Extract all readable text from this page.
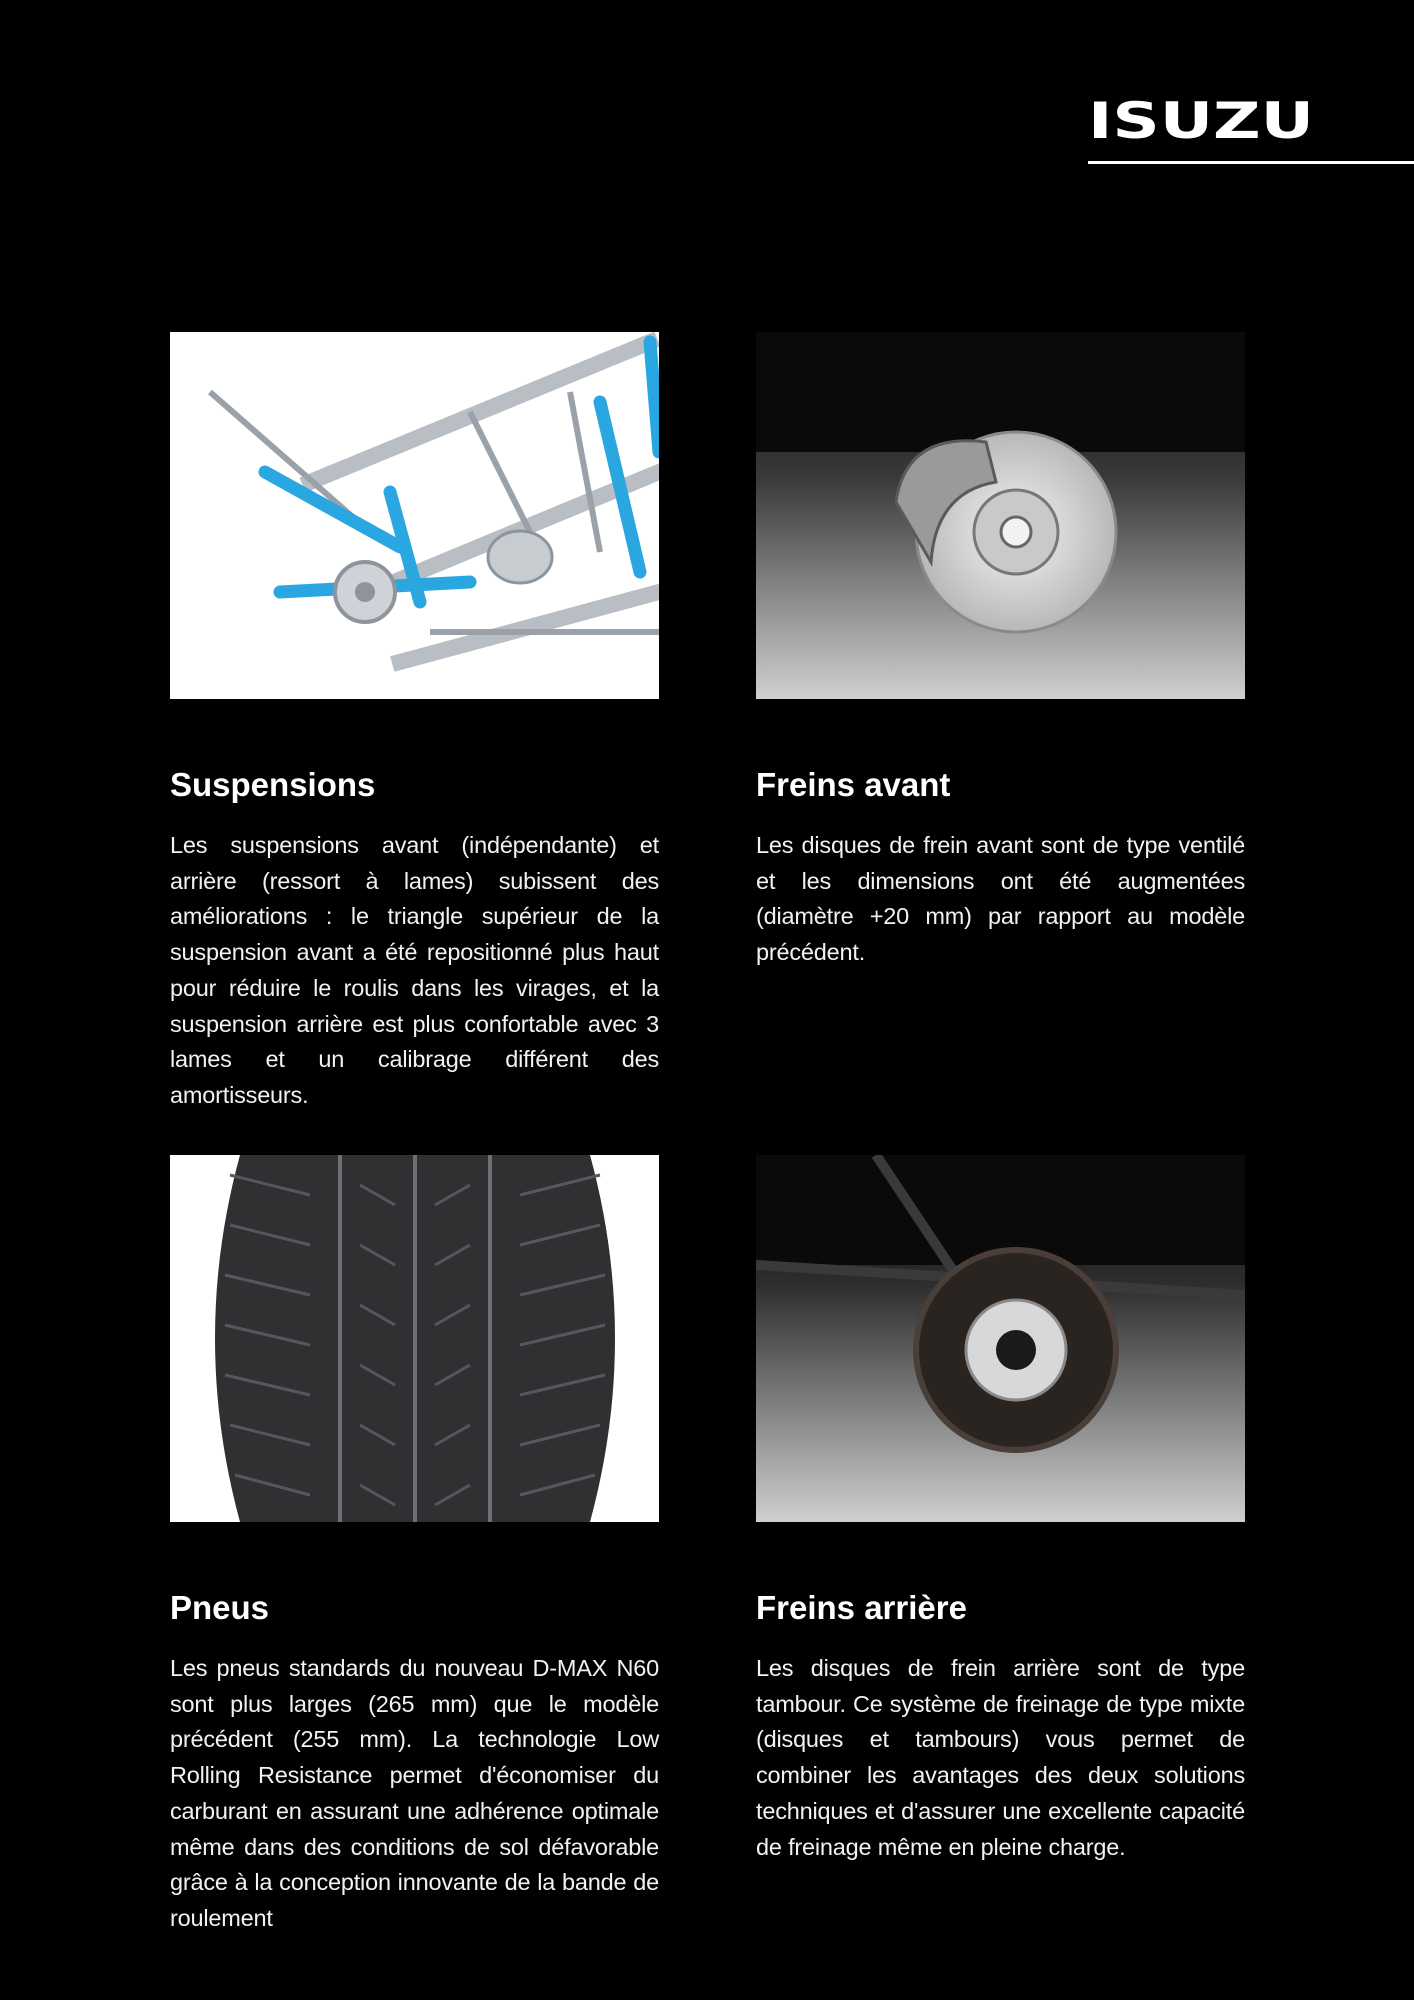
ISUZU
Suspensions

Les suspensions avant (indépendante) et arrière (ressort à lames) subissent des améliorations : le triangle supérieur de la suspension avant a été repositionné plus haut pour réduire le roulis dans les virages, et la suspension arrière est plus confortable avec 3 lames et un calibrage différent des amortisseurs.

Freins avant

Les disques de frein avant sont de type ventilé et les dimensions ont été augmentées (diamètre +20 mm) par rapport au modèle précédent.

Pneus

Les pneus standards du nouveau D-MAX N60 sont plus larges (265 mm) que le modèle précédent (255 mm). La technologie Low Rolling Resistance permet d'économiser du carburant en assurant une adhérence optimale même dans des conditions de sol défavorable grâce à la conception innovante de la bande de roulement

Freins arrière

Les disques de frein arrière sont de type tambour. Ce système de freinage de type mixte (disques et tambours) vous permet de combiner les avantages des deux solutions techniques et d'assurer une excellente capacité de freinage même en pleine charge.
